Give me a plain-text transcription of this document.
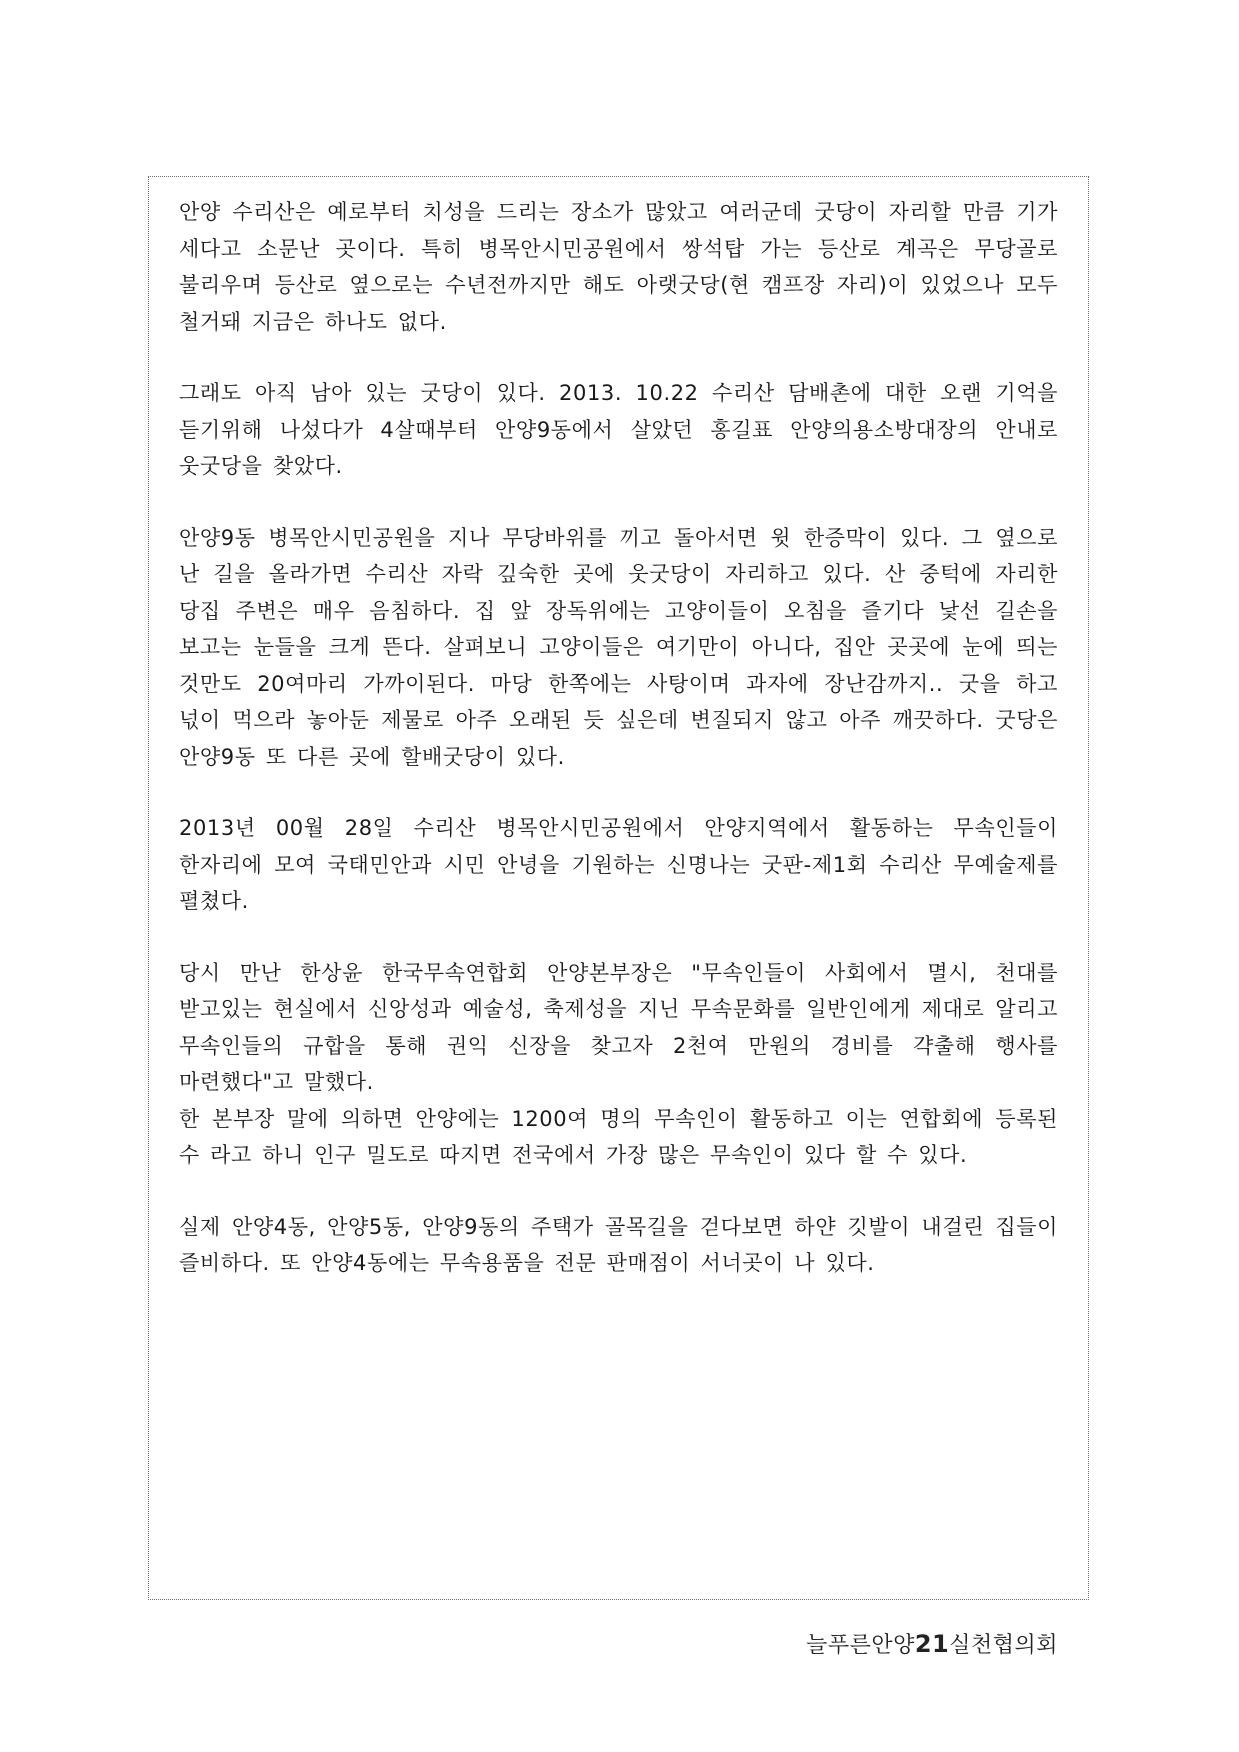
안양 수리산은 예로부터 치성을 드리는 장소가 많았고 여러군데 굿당이 자리할 만큼 기가 세다고 소문난 곳이다. 특히 병목안시민공원에서 쌍석탑 가는 등산로 계곡은 무당골로 불리우며 등산로 옆으로는 수년전까지만 해도 아랫굿당(현 캠프장 자리)이 있었으나 모두 철거돼 지금은 하나도 없다.

그래도 아직 남아 있는 굿당이 있다. 2013. 10.22 수리산 담배촌에 대한 오랜 기억을 듣기위해 나섰다가 4살때부터 안양9동에서 살았던 홍길표 안양의용소방대장의 안내로 웃굿당을 찾았다.

안양9동 병목안시민공원을 지나 무당바위를 끼고 돌아서면 윗 한증막이 있다. 그 옆으로 난 길을 올라가면 수리산 자락 깊숙한 곳에 웃굿당이 자리하고 있다. 산 중턱에 자리한 당집 주변은 매우 음침하다. 집 앞 장독위에는 고양이들이 오침을 즐기다 낯선 길손을 보고는 눈들을 크게 뜬다. 살펴보니 고양이들은 여기만이 아니다, 집안 곳곳에 눈에 띄는 것만도 20여마리 가까이된다. 마당 한쪽에는 사탕이며 과자에 장난감까지.. 굿을 하고 넋이 먹으라 놓아둔 제물로 아주 오래된 듯 싶은데 변질되지 않고 아주 깨끗하다. 굿당은 안양9동 또 다른 곳에 할배굿당이 있다.

2013년 00월 28일 수리산 병목안시민공원에서 안양지역에서 활동하는 무속인들이 한자리에 모여 국태민안과 시민 안녕을 기원하는 신명나는 굿판-제1회 수리산 무예술제를 펼쳤다.

당시 만난 한상윤 한국무속연합회 안양본부장은 "무속인들이 사회에서 멸시, 천대를 받고있는 현실에서 신앙성과 예술성, 축제성을 지닌 무속문화를 일반인에게 제대로 알리고 무속인들의 규합을 통해 권익 신장을 찾고자 2천여 만원의 경비를 갹출해 행사를 마련했다"고 말했다.

한 본부장 말에 의하면 안양에는 1200여 명의 무속인이 활동하고 이는 연합회에 등록된 수 라고 하니 인구 밀도로 따지면 전국에서 가장 많은 무속인이 있다 할 수 있다.

실제 안양4동, 안양5동, 안양9동의 주택가 골목길을 걷다보면 하얀 깃발이 내걸린 집들이 즐비하다. 또 안양4동에는 무속용품을 전문 판매점이 서너곳이 나 있다.

늘푸른안양21실천협의회
